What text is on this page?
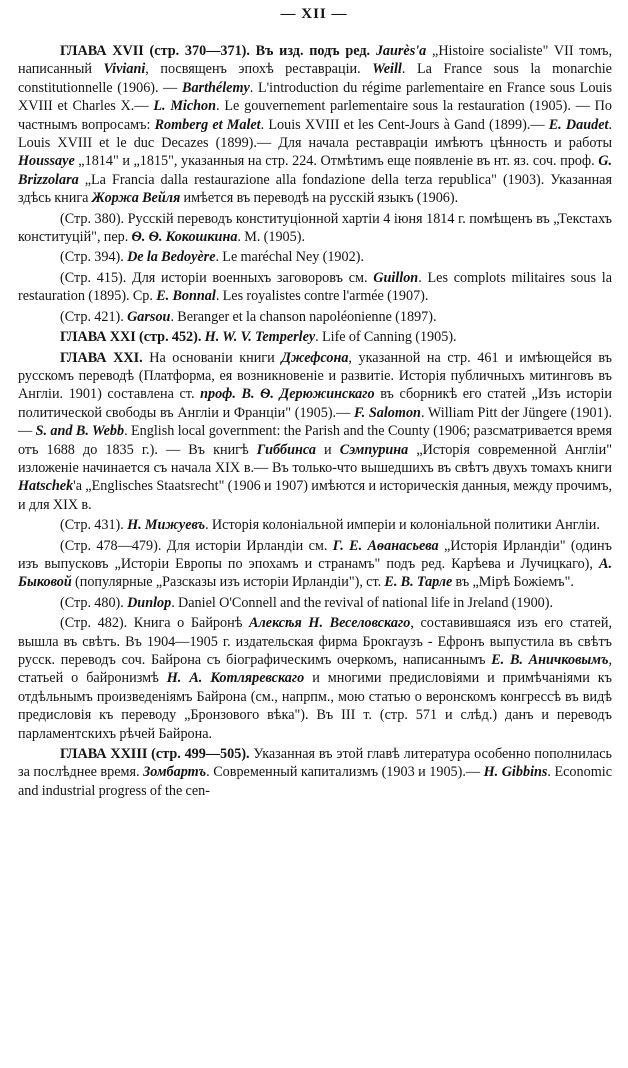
— XII —

ГЛАВА XVII (стр. 370—371). Въ изд. подъ ред. Jaurès'a „Histoire socialiste" VII томъ, написанный Viviani, посвященъ эпохѣ реставраціи. Weill. La France sous la monarchie constitutionnelle (1906). — Barthélemy. L'introduction du régime parlementaire en France sous Louis XVIII et Charles X.— L. Michon. Le gouvernement parlementaire sous la restauration (1905). — По частнымъ вопросамъ: Romberg et Malet. Louis XVIII et les Cent-Jours à Gand (1899).— E. Daudet. Louis XVIII et le duc Decazes (1899).— Для начала реставраціи имѣютъ цѣнность и работы Houssaye „1814" и „1815", указанныя на стр. 224. Отмѣтимъ еще появленіе въ нт. яз. соч. проф. G. Brizzolara „La Francia dalla restaurazione alla fondazione della terza republica" (1903). Указанная здѣсь книга Жоржа Вейля имѣется въ переводѣ на русскій языкъ (1906).

(Стр. 380). Русскій переводъ конституціонной хартіи 4 іюня 1814 г. помѣщенъ въ „Текстахъ конституцій", пер. Ѳ. Ѳ. Кокошкина. М. (1905).

(Стр. 394). De la Bedoyère. Le maréchal Ney (1902).

(Стр. 415). Для исторіи военныхъ заговоровъ см. Guillon. Les complots militaires sous la restauration (1895). Ср. E. Bonnal. Les royalistes contre l'armée (1907).

(Стр. 421). Garsou. Beranger et la chanson napoléonienne (1897).

ГЛАВА XXI (стр. 452). H. W. V. Temperley. Life of Canning (1905).

ГЛАВА XXI. На основаніи книги Джефсона, указанной на стр. 461 и имѣющейся въ русскомъ переводѣ (Платформа, ея возникновеніе и развитіе. Исторія публичныхъ митинговъ въ Англіи. 1901) составлена ст. проф. В. Ѳ. Дерюжинскаго въ сборникѣ его статей „Изъ исторіи политической свободы въ Англіи и Франціи" (1905).— F. Salomon. William Pitt der Jüngere (1901).— S. and B. Webb. English local government: the Parish and the County (1906; разсматривается время отъ 1688 до 1835 г.). — Въ книгѣ Гиббинса и Сэмпурина „Исторія современной Англіи" изложеніе начинается съ начала XIX в.— Въ только-что вышедшихъ въ свѣтъ двухъ томахъ книги Hatschek'а „Englisches Staatsrecht" (1906 и 1907) имѣются и историческія данныя, между прочимъ, и для XIX в.

(Стр. 431). Н. Мижуевъ. Исторія колоніальной имперіи и колоніальной политики Англіи.

(Стр. 478—479). Для исторіи Ирландіи см. Г. Е. Аѳанасьева „Исторія Ирландіи" (одинъ изъ выпусковъ „Исторіи Европы по эпохамъ и странамъ" подъ ред. Карѣева и Лучицкаго), А. Быковой (популярные „Разсказы изъ исторіи Ирландіи"), ст. Е. В. Тарле въ „Мірѣ Божіемъ".

(Стр. 480). Dunlop. Daniel O'Connell and the revival of national life in Jreland (1900).

(Стр. 482). Книга о Байронѣ Алексѣя Н. Веселовскаго, составившаяся изъ его статей, вышла въ свѣтъ. Въ 1904—1905 г. издательская фирма Брокгаузъ - Ефронъ выпустила въ свѣтъ русск. переводъ соч. Байрона съ біографическимъ очеркомъ, написаннымъ Е. В. Аничковымъ, статьей о байронизмѣ Н. А. Котляревскаго и многими предисловіями и примѣчаніями къ отдѣльнымъ произведеніямъ Байрона (см., напрпм., мою статью о веронскомъ конгрессѣ въ видѣ предисловія къ переводу „Бронзового вѣка"). Въ III т. (стр. 571 и слѣд.) данъ и переводъ парламентскихъ рѣчей Байрона.

ГЛАВА XXIII (стр. 499—505). Указанная въ этой главѣ литература особенно пополнилась за послѣднее время. Зомбартъ. Современный капитализмъ (1903 и 1905).— H. Gibbins. Economic and industrial progress of the cen-
